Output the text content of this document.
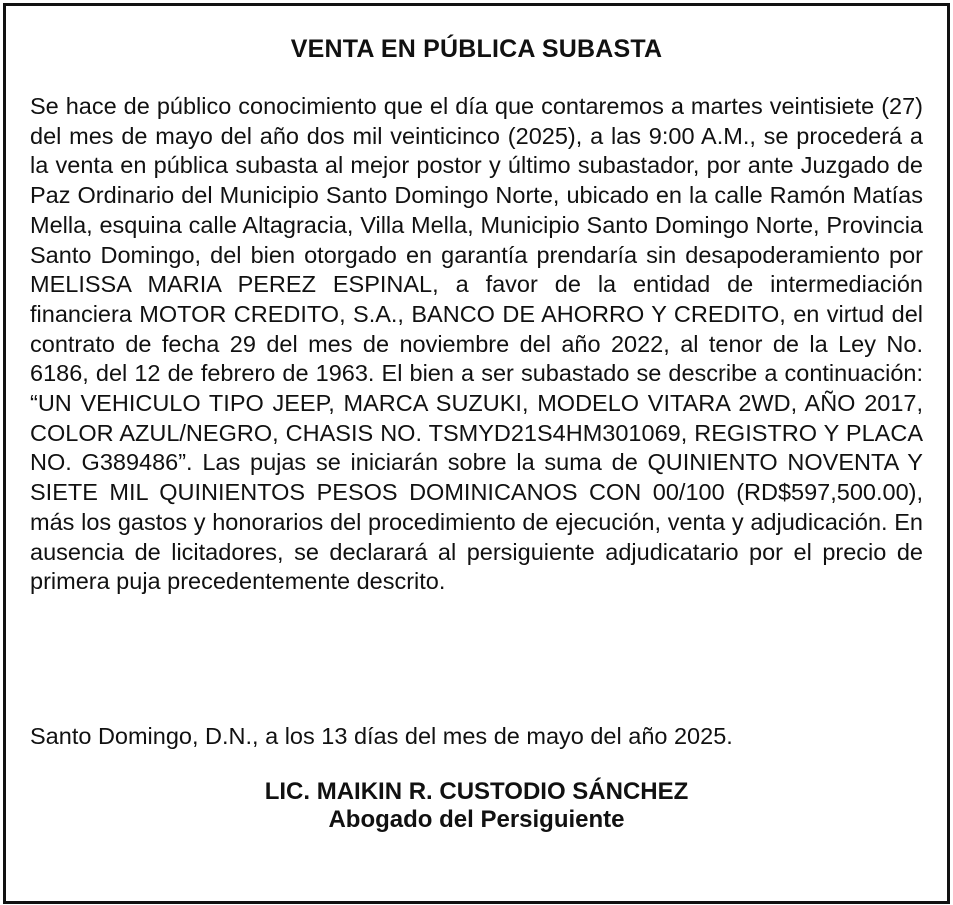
VENTA EN PÚBLICA SUBASTA

Se hace de público conocimiento que el día que contaremos a martes veintisiete (27) del mes de mayo del año dos mil veinticinco (2025), a las 9:00 A.M., se procederá a la venta en pública subasta al mejor postor y último subastador, por ante Juzgado de Paz Ordinario del Municipio Santo Domingo Norte, ubicado en la calle Ramón Matías Mella, esquina calle Altagracia, Villa Mella, Municipio Santo Domingo Norte, Provincia Santo Domingo, del bien otorgado en garantía prendaría sin desapoderamiento por MELISSA MARIA PEREZ ESPINAL, a favor de la entidad de intermediación financiera MOTOR CREDITO, S.A., BANCO DE AHORRO Y CREDITO, en virtud del contrato de fecha 29 del mes de noviembre del año 2022, al tenor de la Ley No. 6186, del 12 de febrero de 1963. El bien a ser subastado se describe a continuación: “UN VEHICULO TIPO JEEP, MARCA SUZUKI, MODELO VITARA 2WD, AÑO 2017, COLOR AZUL/NEGRO, CHASIS NO. TSMYD21S4HM301069, REGISTRO Y PLACA NO. G389486”. Las pujas se iniciarán sobre la suma de QUINIENTO NOVENTA Y SIETE MIL QUINIENTOS PESOS DOMINICANOS CON 00/100 (RD$597,500.00), más los gastos y honorarios del procedimiento de ejecución, venta y adjudicación. En ausencia de licitadores, se declarará al persiguiente adjudicatario por el precio de primera puja precedentemente descrito.

Santo Domingo, D.N., a los 13 días del mes de mayo del año 2025.

LIC. MAIKIN R. CUSTODIO SÁNCHEZ

Abogado del Persiguiente
